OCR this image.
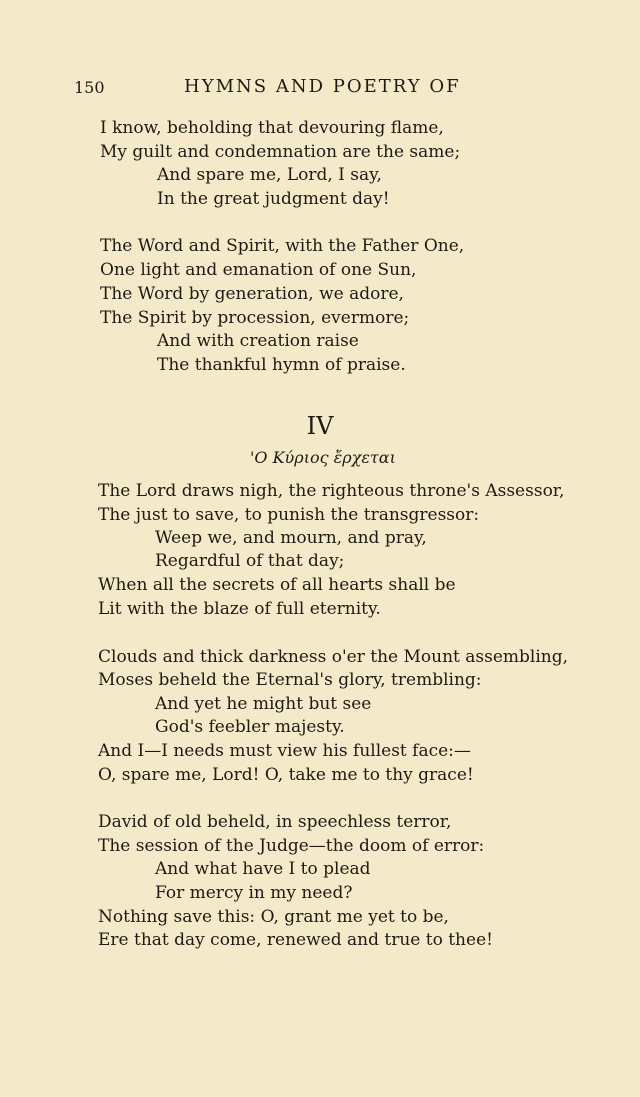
150	HYMNS AND POETRY OF
I know, beholding that devouring flame,
My guilt and condemnation are the same;
And spare me, Lord, I say,
In the great judgment day!
The Word and Spirit, with the Father One,
One light and emanation of one Sun,
The Word by generation, we adore,
The Spirit by procession, evermore;
And with creation raise
The thankful hymn of praise.
IV
'Ο Κύριος ἔρχεται
The Lord draws nigh, the righteous throne's Assessor,
The just to save, to punish the transgressor:
Weep we, and mourn, and pray,
Regardful of that day;
When all the secrets of all hearts shall be
Lit with the blaze of full eternity.
Clouds and thick darkness o'er the Mount assembling,
Moses beheld the Eternal's glory, trembling:
And yet he might but see
God's feebler majesty.
And I—I needs must view his fullest face:—
O, spare me, Lord! O, take me to thy grace!
David of old beheld, in speechless terror,
The session of the Judge—the doom of error:
And what have I to plead
For mercy in my need?
Nothing save this: O, grant me yet to be,
Ere that day come, renewed and true to thee!
